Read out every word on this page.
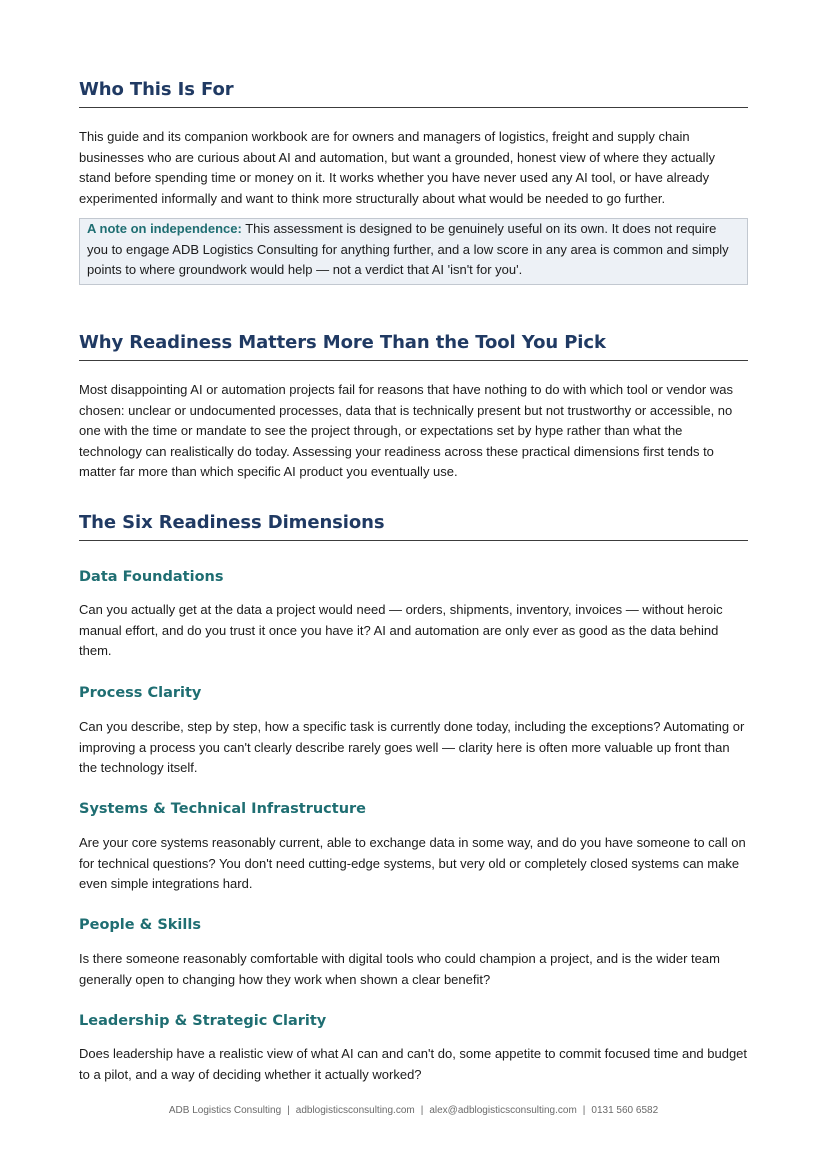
Who This Is For

This guide and its companion workbook are for owners and managers of logistics, freight and supply chain businesses who are curious about AI and automation, but want a grounded, honest view of where they actually stand before spending time or money on it. It works whether you have never used any AI tool, or have already experimented informally and want to think more structurally about what would be needed to go further.

A note on independence: This assessment is designed to be genuinely useful on its own. It does not require you to engage ADB Logistics Consulting for anything further, and a low score in any area is common and simply points to where groundwork would help — not a verdict that AI 'isn't for you'.
Why Readiness Matters More Than the Tool You Pick

Most disappointing AI or automation projects fail for reasons that have nothing to do with which tool or vendor was chosen: unclear or undocumented processes, data that is technically present but not trustworthy or accessible, no one with the time or mandate to see the project through, or expectations set by hype rather than what the technology can realistically do today. Assessing your readiness across these practical dimensions first tends to matter far more than which specific AI product you eventually use.

The Six Readiness Dimensions
Data Foundations

Can you actually get at the data a project would need — orders, shipments, inventory, invoices — without heroic manual effort, and do you trust it once you have it? AI and automation are only ever as good as the data behind them.

Process Clarity

Can you describe, step by step, how a specific task is currently done today, including the exceptions? Automating or improving a process you can't clearly describe rarely goes well — clarity here is often more valuable up front than the technology itself.

Systems & Technical Infrastructure

Are your core systems reasonably current, able to exchange data in some way, and do you have someone to call on for technical questions? You don't need cutting-edge systems, but very old or completely closed systems can make even simple integrations hard.

People & Skills

Is there someone reasonably comfortable with digital tools who could champion a project, and is the wider team generally open to changing how they work when shown a clear benefit?

Leadership & Strategic Clarity

Does leadership have a realistic view of what AI can and can't do, some appetite to commit focused time and budget to a pilot, and a way of deciding whether it actually worked?

ADB Logistics Consulting | adblogisticsconsulting.com | alex@adblogisticsconsulting.com | 0131 560 6582
